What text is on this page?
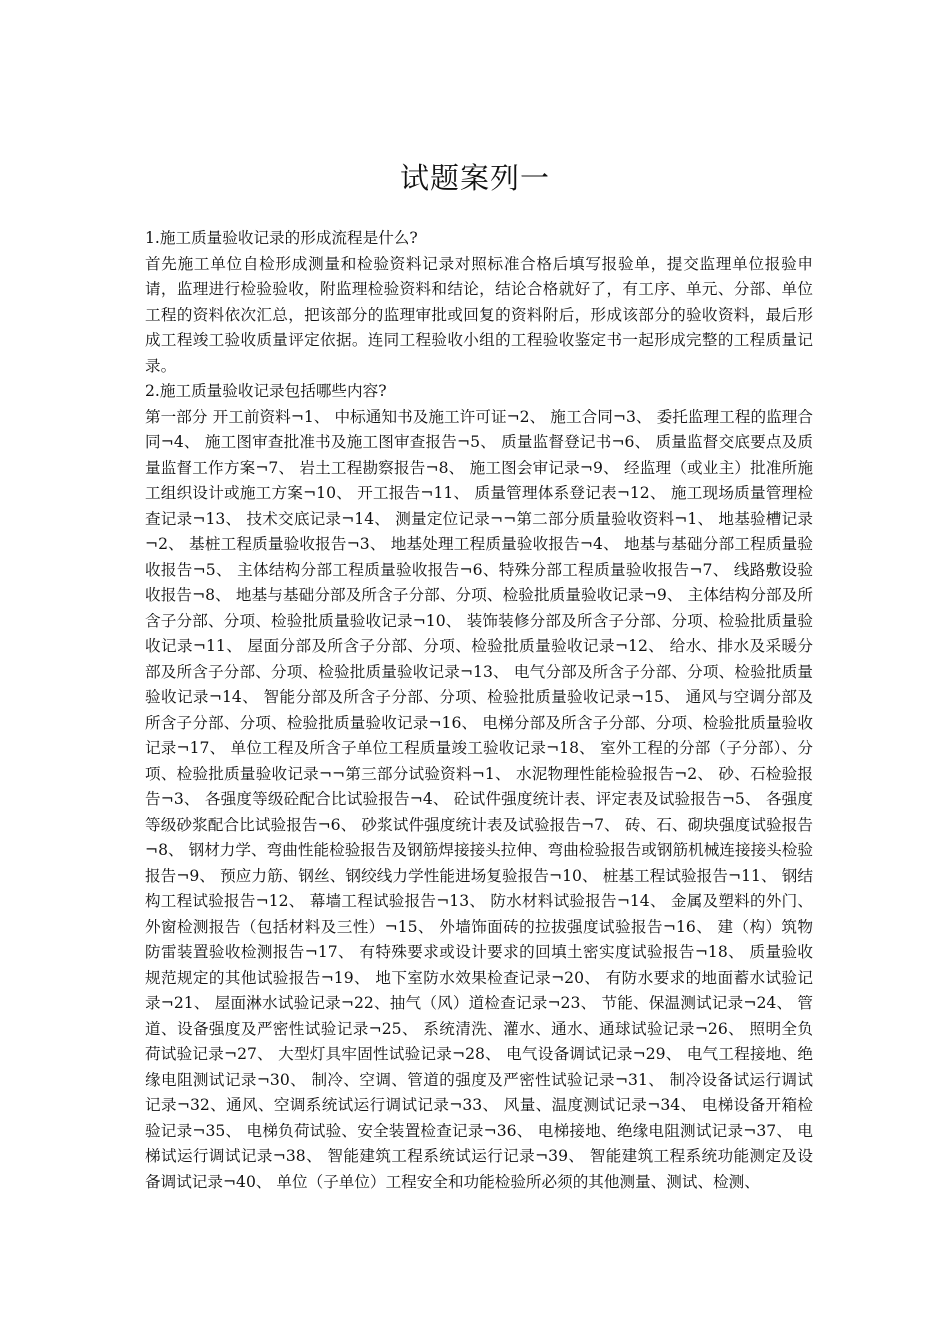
试题案列一

1.施工质量验收记录的形成流程是什么?

首先施工单位自检形成测量和检验资料记录对照标准合格后填写报验单，提交监理单位报验申请，监理进行检验验收，附监理检验资料和结论，结论合格就好了，有工序、单元、分部、单位工程的资料依次汇总，把该部分的监理审批或回复的资料附后，形成该部分的验收资料，最后形成工程竣工验收质量评定依据。连同工程验收小组的工程验收鉴定书一起形成完整的工程质量记录。

2.施工质量验收记录包括哪些内容?

第一部分 开工前资料¬1、 中标通知书及施工许可证¬2、 施工合同¬3、 委托监理工程的监理合同¬4、 施工图审查批准书及施工图审查报告¬5、 质量监督登记书¬6、 质量监督交底要点及质量监督工作方案¬7、 岩土工程勘察报告¬8、 施工图会审记录¬9、 经监理（或业主）批准所施工组织设计或施工方案¬10、 开工报告¬11、 质量管理体系登记表¬12、 施工现场质量管理检查记录¬13、 技术交底记录¬14、 测量定位记录¬¬第二部分质量验收资料¬1、 地基验槽记录¬2、 基桩工程质量验收报告¬3、 地基处理工程质量验收报告¬4、 地基与基础分部工程质量验收报告¬5、 主体结构分部工程质量验收报告¬6、特殊分部工程质量验收报告¬7、 线路敷设验收报告¬8、 地基与基础分部及所含子分部、分项、检验批质量验收记录¬9、 主体结构分部及所含子分部、分项、检验批质量验收记录¬10、 装饰装修分部及所含子分部、分项、检验批质量验收记录¬11、 屋面分部及所含子分部、分项、检验批质量验收记录¬12、 给水、排水及采暖分部及所含子分部、分项、检验批质量验收记录¬13、 电气分部及所含子分部、分项、检验批质量验收记录¬14、 智能分部及所含子分部、分项、检验批质量验收记录¬15、 通风与空调分部及所含子分部、分项、检验批质量验收记录¬16、 电梯分部及所含子分部、分项、检验批质量验收记录¬17、 单位工程及所含子单位工程质量竣工验收记录¬18、 室外工程的分部（子分部）、分项、检验批质量验收记录¬¬第三部分试验资料¬1、 水泥物理性能检验报告¬2、 砂、石检验报告¬3、 各强度等级砼配合比试验报告¬4、 砼试件强度统计表、评定表及试验报告¬5、 各强度等级砂浆配合比试验报告¬6、 砂浆试件强度统计表及试验报告¬7、 砖、石、砌块强度试验报告¬8、 钢材力学、弯曲性能检验报告及钢筋焊接接头拉伸、弯曲检验报告或钢筋机械连接接头检验报告¬9、 预应力筋、钢丝、钢绞线力学性能进场复验报告¬10、 桩基工程试验报告¬11、 钢结构工程试验报告¬12、 幕墙工程试验报告¬13、 防水材料试验报告¬14、 金属及塑料的外门、外窗检测报告（包括材料及三性）¬15、 外墙饰面砖的拉拔强度试验报告¬16、 建（构）筑物防雷装置验收检测报告¬17、 有特殊要求或设计要求的回填土密实度试验报告¬18、 质量验收规范规定的其他试验报告¬19、 地下室防水效果检查记录¬20、 有防水要求的地面蓄水试验记录¬21、 屋面淋水试验记录¬22、抽气（风）道检查记录¬23、 节能、保温测试记录¬24、 管道、设备强度及严密性试验记录¬25、 系统清洗、灌水、通水、通球试验记录¬26、 照明全负荷试验记录¬27、 大型灯具牢固性试验记录¬28、 电气设备调试记录¬29、 电气工程接地、绝缘电阻测试记录¬30、 制冷、空调、管道的强度及严密性试验记录¬31、 制冷设备试运行调试记录¬32、通风、空调系统试运行调试记录¬33、 风量、温度测试记录¬34、 电梯设备开箱检验记录¬35、 电梯负荷试验、安全装置检查记录¬36、 电梯接地、绝缘电阻测试记录¬37、 电梯试运行调试记录¬38、 智能建筑工程系统试运行记录¬39、 智能建筑工程系统功能测定及设备调试记录¬40、 单位（子单位）工程安全和功能检验所必须的其他测量、测试、检测、
